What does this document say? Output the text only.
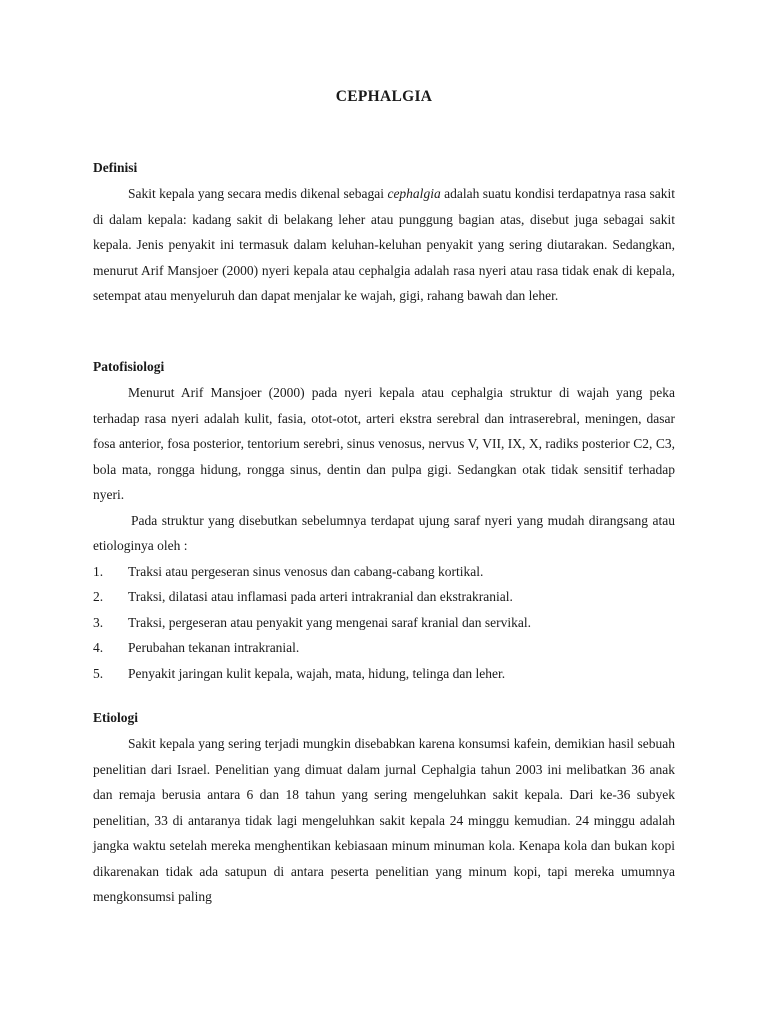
CEPHALGIA
Definisi

Sakit kepala yang secara medis dikenal sebagai cephalgia adalah suatu kondisi terdapatnya rasa sakit di dalam kepala: kadang sakit di belakang leher atau punggung bagian atas, disebut juga sebagai sakit kepala. Jenis penyakit ini termasuk dalam keluhan-keluhan penyakit yang sering diutarakan. Sedangkan, menurut Arif Mansjoer (2000) nyeri kepala atau cephalgia adalah rasa nyeri atau rasa tidak enak di kepala, setempat atau menyeluruh dan dapat menjalar ke wajah, gigi, rahang bawah dan leher.

Patofisiologi

Menurut Arif Mansjoer (2000) pada nyeri kepala atau cephalgia struktur di wajah yang peka terhadap rasa nyeri adalah kulit, fasia, otot-otot, arteri ekstra serebral dan intraserebral, meningen, dasar fosa anterior, fosa posterior, tentorium serebri, sinus venosus, nervus V, VII, IX, X, radiks posterior C2, C3, bola mata, rongga hidung, rongga sinus, dentin dan pulpa gigi. Sedangkan otak tidak sensitif terhadap nyeri.

Pada struktur yang disebutkan sebelumnya terdapat ujung saraf nyeri yang mudah dirangsang atau etiologinya oleh :

1. Traksi atau pergeseran sinus venosus dan cabang-cabang kortikal.
2. Traksi, dilatasi atau inflamasi pada arteri intrakranial dan ekstrakranial.
3. Traksi, pergeseran atau penyakit yang mengenai saraf kranial dan servikal.
4. Perubahan tekanan intrakranial.
5. Penyakit jaringan kulit kepala, wajah, mata, hidung, telinga dan leher.
Etiologi

Sakit kepala yang sering terjadi mungkin disebabkan karena konsumsi kafein, demikian hasil sebuah penelitian dari Israel. Penelitian yang dimuat dalam jurnal Cephalgia tahun 2003 ini melibatkan 36 anak dan remaja berusia antara 6 dan 18 tahun yang sering mengeluhkan sakit kepala. Dari ke-36 subyek penelitian, 33 di antaranya tidak lagi mengeluhkan sakit kepala 24 minggu kemudian. 24 minggu adalah jangka waktu setelah mereka menghentikan kebiasaan minum minuman kola. Kenapa kola dan bukan kopi dikarenakan tidak ada satupun di antara peserta penelitian yang minum kopi, tapi mereka umumnya mengkonsumsi paling
